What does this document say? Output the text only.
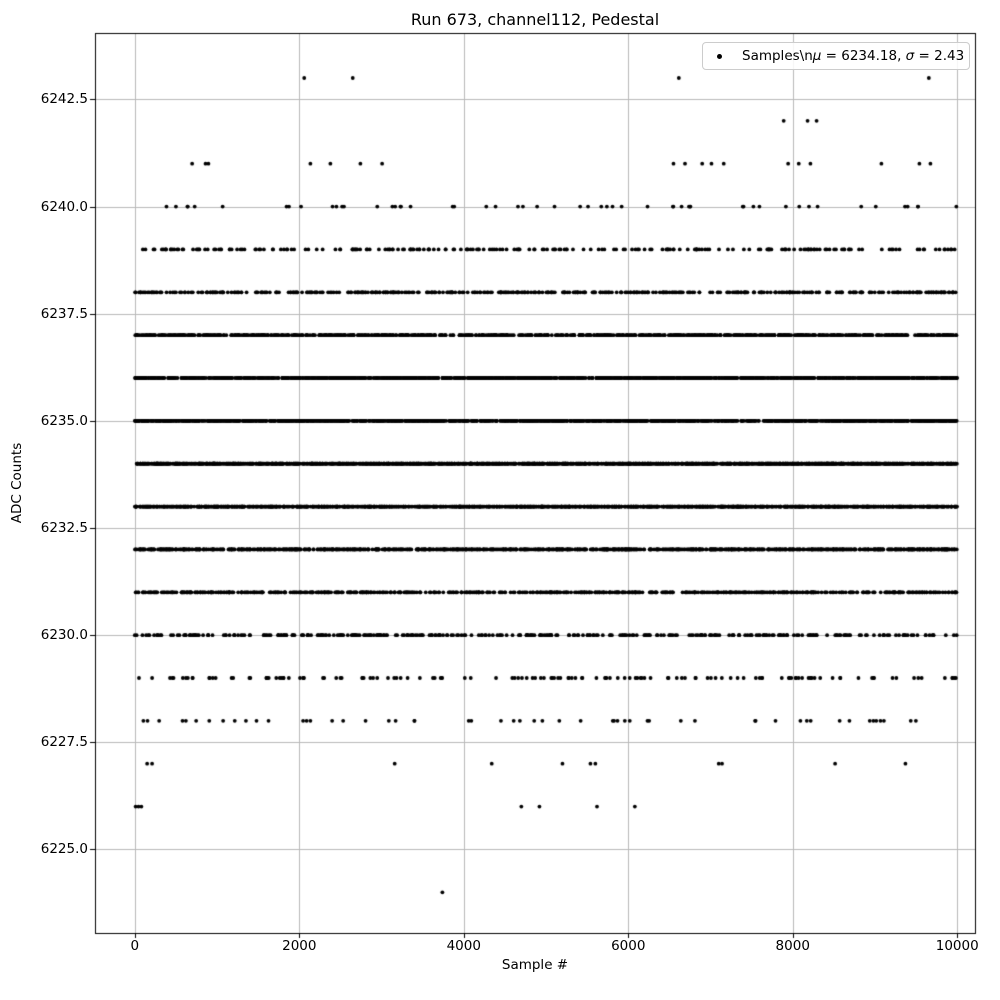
Run 673, channel112, Pedestal
Sample #
ADC Counts
Samples\nμ = 6234.18, σ = 2.43
0	2000	4000	6000	8000	10000
6225.0
6227.5
6230.0
6232.5
6235.0
6237.5
6240.0
6242.5
